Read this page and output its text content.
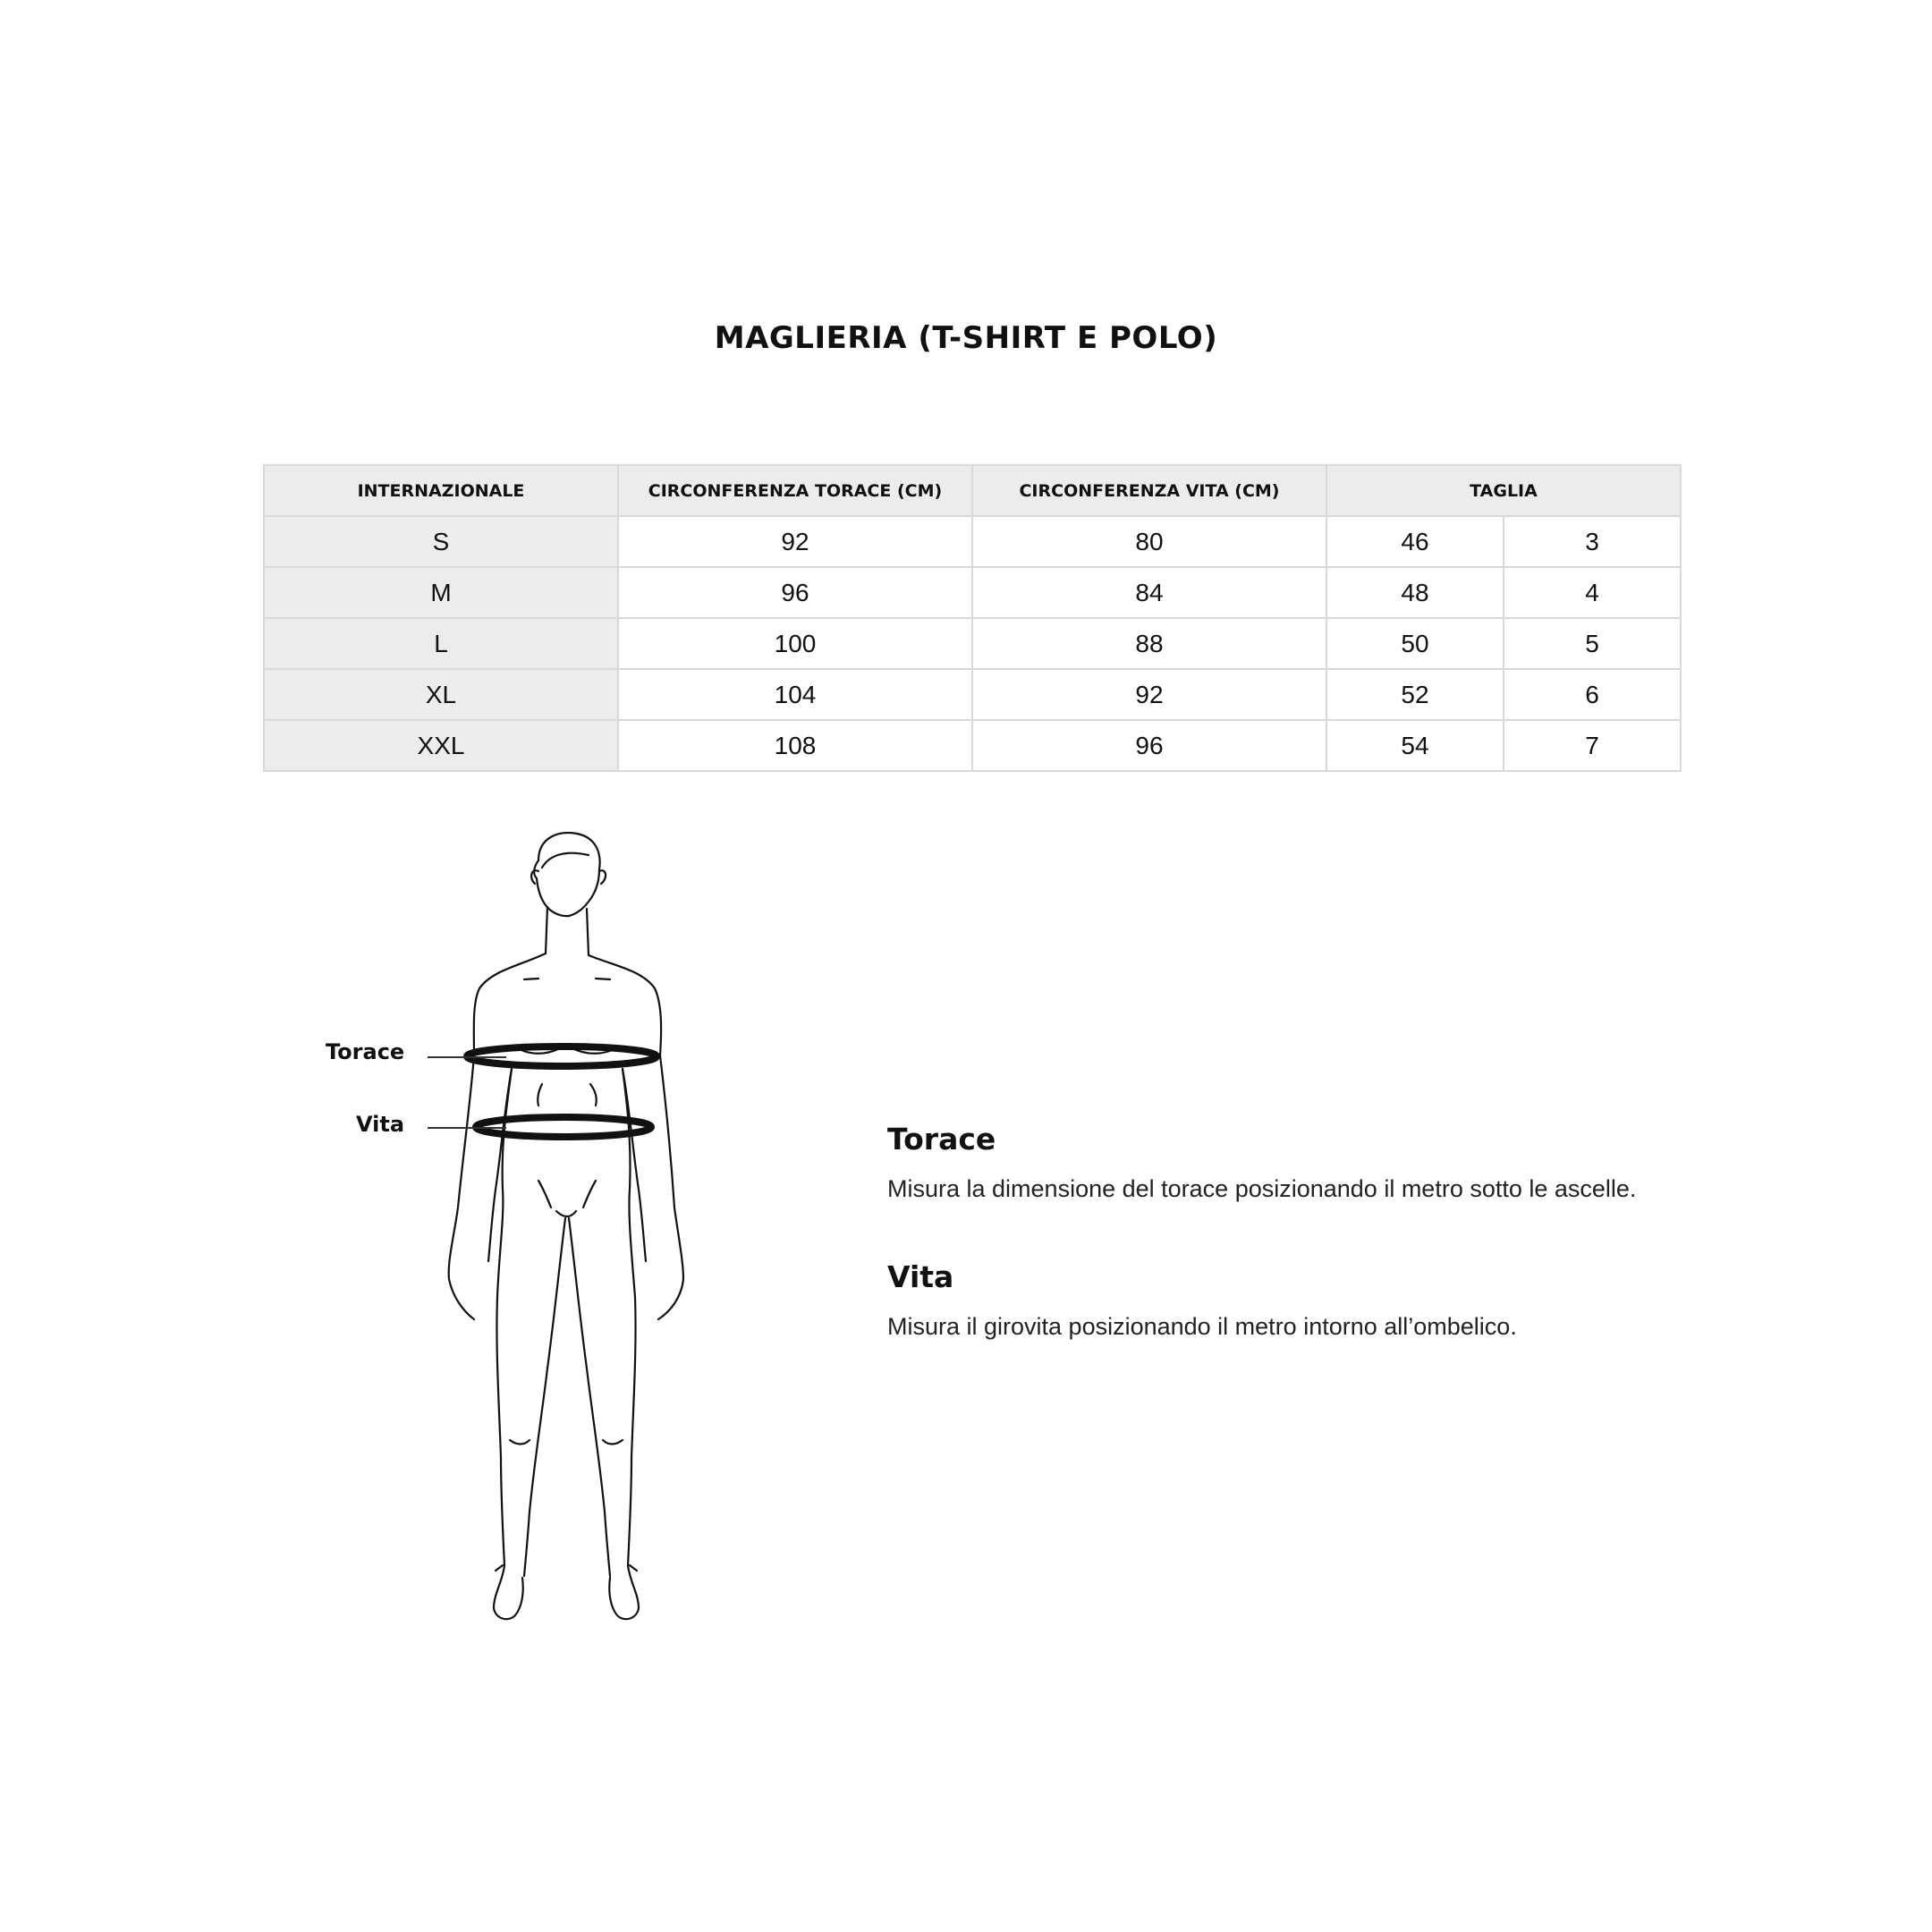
MAGLIERIA (T-SHIRT E POLO)
INTERNAZIONALE	CIRCONFERENZA TORACE (CM)	CIRCONFERENZA VITA (CM)	TAGLIA	
S	92	80	46	3
M	96	84	48	4
L	100	88	50	5
XL	104	92	52	6
XXL	108	96	54	7
Torace
Vita	Torace
Misura la dimensione del torace posizionando il metro sotto le ascelle.
Vita
Misura il girovita posizionando il metro intorno all’ombelico.
